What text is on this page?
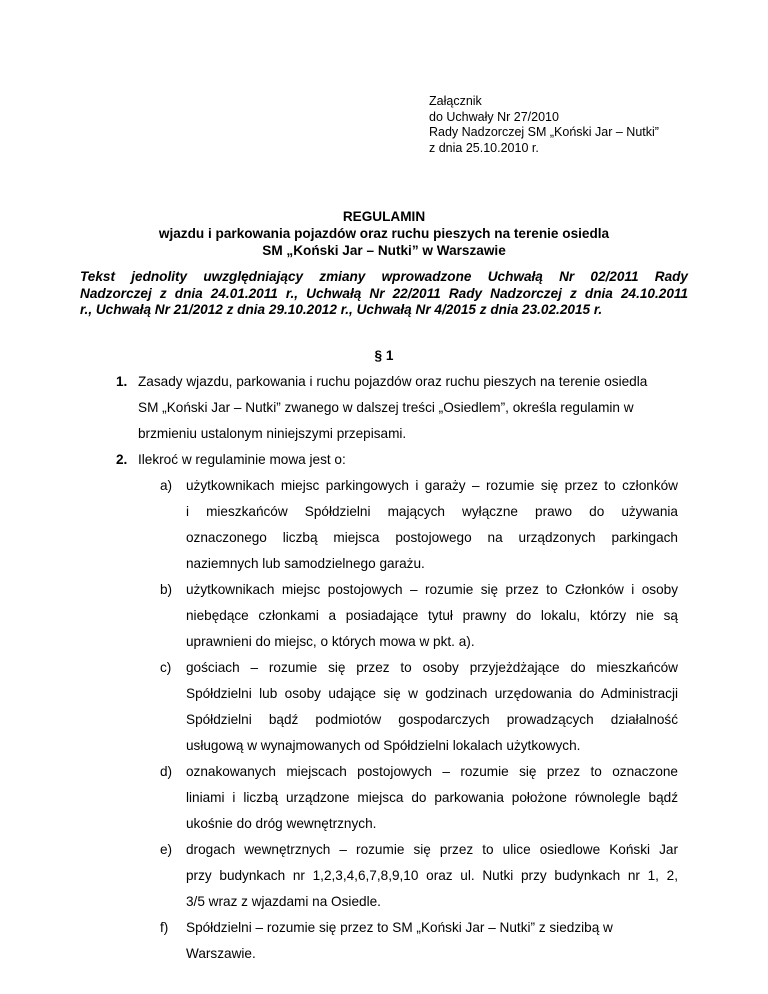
Załącznik
do Uchwały Nr 27/2010
Rady Nadzorczej SM „Koński Jar – Nutki”
z dnia 25.10.2010 r.
REGULAMIN
wjazdu i parkowania pojazdów oraz ruchu pieszych na terenie osiedla
SM „Koński Jar – Nutki” w Warszawie
Tekst jednolity uwzględniający zmiany wprowadzone Uchwałą Nr 02/2011 Rady
Nadzorczej z dnia 24.01.2011 r., Uchwałą Nr 22/2011 Rady Nadzorczej z dnia 24.10.2011
r., Uchwałą Nr 21/2012 z dnia 29.10.2012 r., Uchwałą Nr 4/2015 z dnia 23.02.2015 r.
§ 1
1. Zasady wjazdu, parkowania i ruchu pojazdów oraz ruchu pieszych na terenie osiedla
SM „Koński Jar – Nutki” zwanego w dalszej treści „Osiedlem”, określa regulamin w
brzmieniu ustalonym niniejszymi przepisami.
2. Ilekroć w regulaminie mowa jest o:
a) użytkownikach miejsc parkingowych i garaży – rozumie się przez to członków
i mieszkańców Spółdzielni mających wyłączne prawo do używania
oznaczonego liczbą miejsca postojowego na urządzonych parkingach
naziemnych lub samodzielnego garażu.
b) użytkownikach miejsc postojowych – rozumie się przez to Członków i osoby
niebędące członkami a posiadające tytuł prawny do lokalu, którzy nie są
uprawnieni do miejsc, o których mowa w pkt. a).
c) gościach – rozumie się przez to osoby przyjeżdżające do mieszkańców
Spółdzielni lub osoby udające się w godzinach urzędowania do Administracji
Spółdzielni bądź podmiotów gospodarczych prowadzących działalność
usługową w wynajmowanych od Spółdzielni lokalach użytkowych.
d) oznakowanych miejscach postojowych – rozumie się przez to oznaczone
liniami i liczbą urządzone miejsca do parkowania położone równolegle bądź
ukośnie do dróg wewnętrznych.
e) drogach wewnętrznych – rozumie się przez to ulice osiedlowe Koński Jar
przy budynkach nr 1,2,3,4,6,7,8,9,10 oraz ul. Nutki przy budynkach nr 1, 2,
3/5 wraz z wjazdami na Osiedle.
f) Spółdzielni – rozumie się przez to SM „Koński Jar – Nutki” z siedzibą w
Warszawie.
